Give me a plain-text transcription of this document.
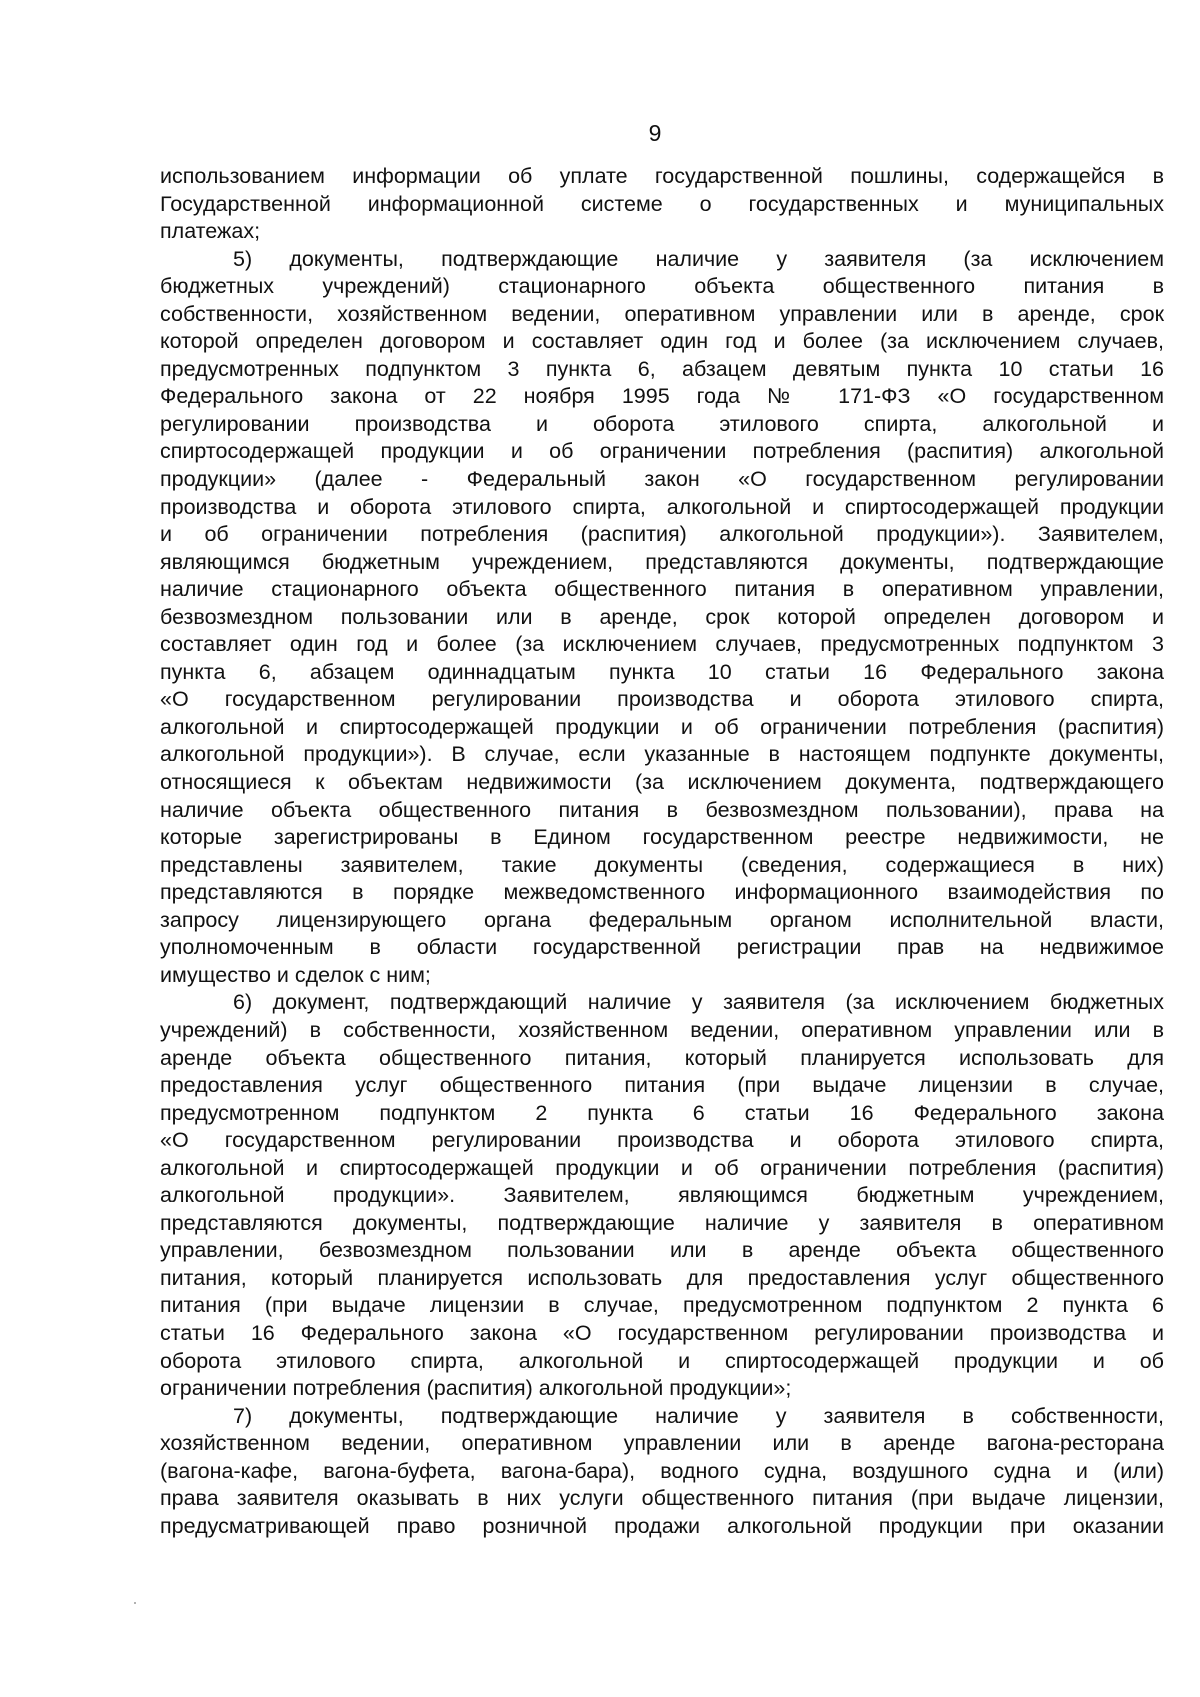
9
использованием информации об уплате государственной пошлины, содержащейся в
Государственной информационной системе о государственных и муниципальных
платежах;
5) документы, подтверждающие наличие у заявителя (за исключением
бюджетных учреждений) стационарного объекта общественного питания в
собственности, хозяйственном ведении, оперативном управлении или в аренде, срок
которой определен договором и составляет один год и более (за исключением случаев,
предусмотренных подпунктом 3 пункта 6, абзацем девятым пункта 10 статьи 16
Федерального закона от 22 ноября 1995 года № 171-ФЗ «О государственном
регулировании производства и оборота этилового спирта, алкогольной и
спиртосодержащей продукции и об ограничении потребления (распития) алкогольной
продукции» (далее - Федеральный закон «О государственном регулировании
производства и оборота этилового спирта, алкогольной и спиртосодержащей продукции
и об ограничении потребления (распития) алкогольной продукции»). Заявителем,
являющимся бюджетным учреждением, представляются документы, подтверждающие
наличие стационарного объекта общественного питания в оперативном управлении,
безвозмездном пользовании или в аренде, срок которой определен договором и
составляет один год и более (за исключением случаев, предусмотренных подпунктом 3
пункта 6, абзацем одиннадцатым пункта 10 статьи 16 Федерального закона
«О государственном регулировании производства и оборота этилового спирта,
алкогольной и спиртосодержащей продукции и об ограничении потребления (распития)
алкогольной продукции»). В случае, если указанные в настоящем подпункте документы,
относящиеся к объектам недвижимости (за исключением документа, подтверждающего
наличие объекта общественного питания в безвозмездном пользовании), права на
которые зарегистрированы в Едином государственном реестре недвижимости, не
представлены заявителем, такие документы (сведения, содержащиеся в них)
представляются в порядке межведомственного информационного взаимодействия по
запросу лицензирующего органа федеральным органом исполнительной власти,
уполномоченным в области государственной регистрации прав на недвижимое
имущество и сделок с ним;
6) документ, подтверждающий наличие у заявителя (за исключением бюджетных
учреждений) в собственности, хозяйственном ведении, оперативном управлении или в
аренде объекта общественного питания, который планируется использовать для
предоставления услуг общественного питания (при выдаче лицензии в случае,
предусмотренном подпунктом 2 пункта 6 статьи 16 Федерального закона
«О государственном регулировании производства и оборота этилового спирта,
алкогольной и спиртосодержащей продукции и об ограничении потребления (распития)
алкогольной продукции». Заявителем, являющимся бюджетным учреждением,
представляются документы, подтверждающие наличие у заявителя в оперативном
управлении, безвозмездном пользовании или в аренде объекта общественного
питания, который планируется использовать для предоставления услуг общественного
питания (при выдаче лицензии в случае, предусмотренном подпунктом 2 пункта 6
статьи 16 Федерального закона «О государственном регулировании производства и
оборота этилового спирта, алкогольной и спиртосодержащей продукции и об
ограничении потребления (распития) алкогольной продукции»;
7) документы, подтверждающие наличие у заявителя в собственности,
хозяйственном ведении, оперативном управлении или в аренде вагона-ресторана
(вагона-кафе, вагона-буфета, вагона-бара), водного судна, воздушного судна и (или)
права заявителя оказывать в них услуги общественного питания (при выдаче лицензии,
предусматривающей право розничной продажи алкогольной продукции при оказании
